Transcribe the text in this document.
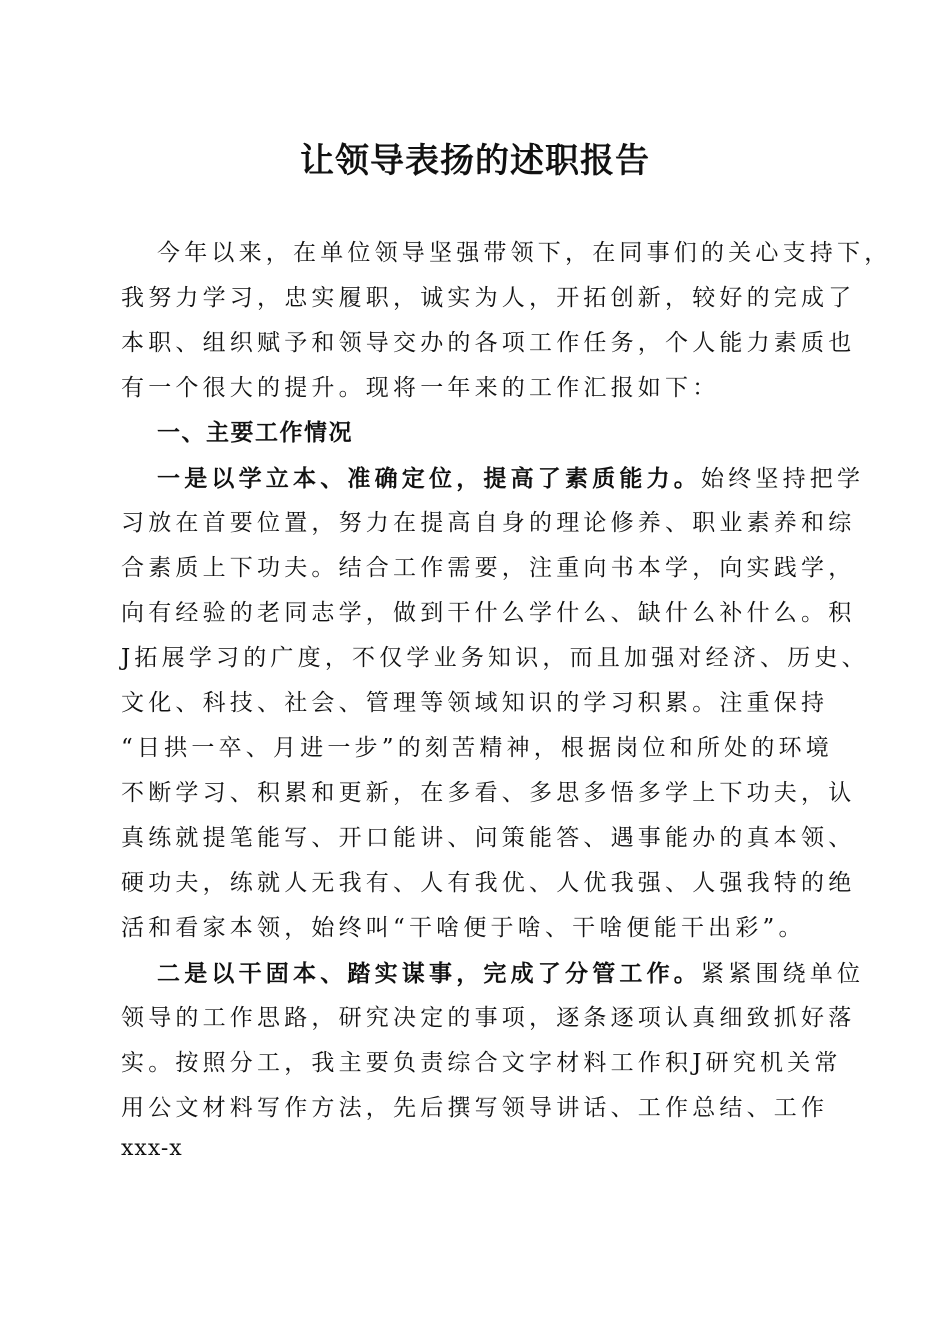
让领导表扬的述职报告
今年以来，在单位领导坚强带领下，在同事们的关心支持下，
我努力学习，忠实履职，诚实为人，开拓创新，较好的完成了
本职、组织赋予和领导交办的各项工作任务，个人能力素质也
有一个很大的提升。现将一年来的工作汇报如下：
一、主要工作情况
一是以学立本、准确定位，提高了素质能力。始终坚持把学
习放在首要位置，努力在提高自身的理论修养、职业素养和综
合素质上下功夫。结合工作需要，注重向书本学，向实践学，
向有经验的老同志学，做到干什么学什么、缺什么补什么。积
J拓展学习的广度，不仅学业务知识，而且加强对经济、历史、
文化、科技、社会、管理等领域知识的学习积累。注重保持
“日拱一卒、月进一步”的刻苦精神，根据岗位和所处的环境
不断学习、积累和更新，在多看、多思多悟多学上下功夫，认
真练就提笔能写、开口能讲、问策能答、遇事能办的真本领、
硬功夫，练就人无我有、人有我优、人优我强、人强我特的绝
活和看家本领，始终叫“干啥便于啥、干啥便能干出彩”。
二是以干固本、踏实谋事，完成了分管工作。紧紧围绕单位
领导的工作思路，研究决定的事项，逐条逐项认真细致抓好落
实。按照分工，我主要负责综合文字材料工作积J研究机关常
用公文材料写作方法，先后撰写领导讲话、工作总结、工作
xxx-x
